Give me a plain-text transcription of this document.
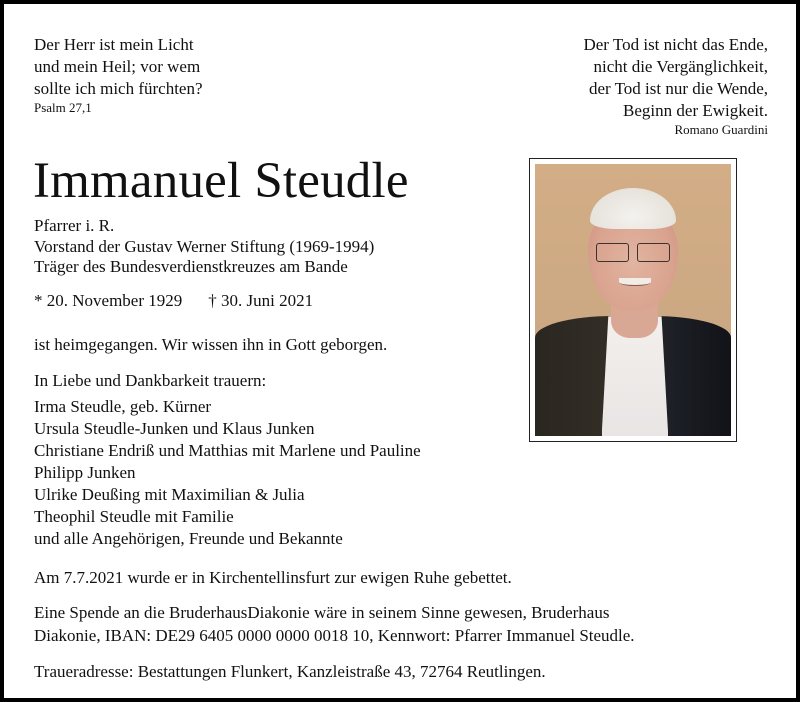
Der Herr ist mein Licht
und mein Heil; vor wem
sollte ich mich fürchten?
Psalm 27,1
Der Tod ist nicht das Ende,
nicht die Vergänglichkeit,
der Tod ist nur die Wende,
Beginn der Ewigkeit.
Romano Guardini
Immanuel Steudle
Pfarrer i. R.
Vorstand der Gustav Werner Stiftung (1969-1994)
Träger des Bundesverdienstkreuzes am Bande
* 20. November 1929 † 30. Juni 2021
ist heimgegangen. Wir wissen ihn in Gott geborgen.
In Liebe und Dankbarkeit trauern:
Irma Steudle, geb. Kürner
Ursula Steudle-Junken und Klaus Junken
Christiane Endriß und Matthias mit Marlene und Pauline
Philipp Junken
Ulrike Deußing mit Maximilian & Julia
Theophil Steudle mit Familie
und alle Angehörigen, Freunde und Bekannte
Am 7.7.2021 wurde er in Kirchentellinsfurt zur ewigen Ruhe gebettet.
Eine Spende an die BruderhausDiakonie wäre in seinem Sinne gewesen, Bruderhaus
Diakonie, IBAN: DE29 6405 0000 0000 0018 10, Kennwort: Pfarrer Immanuel Steudle.
Traueradresse: Bestattungen Flunkert, Kanzleistraße 43, 72764 Reutlingen.
